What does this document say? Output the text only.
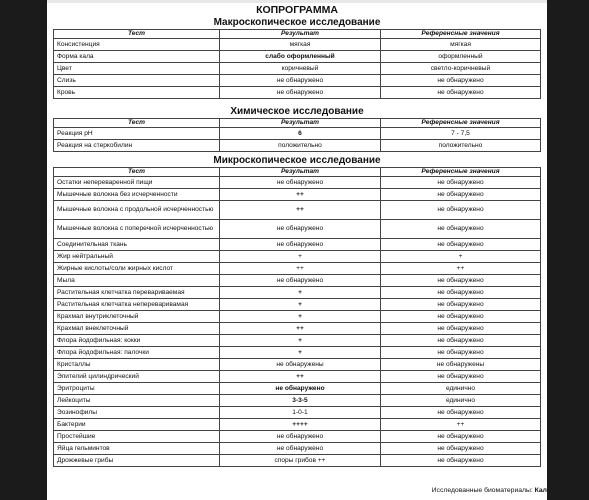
КОПРОГРАММА
Макроскопическое исследование
Тест	Результат	Референсные значения
Консистенция	мягкая	мягкая
Форма кала	слабо оформленный	оформленный
Цвет	коричневый	светло-коричневый
Слизь	не обнаружено	не обнаружено
Кровь	не обнаружено	не обнаружено
Химическое исследование
Тест	Результат	Референсные значения
Реакция pH	6	7 - 7,5
Реакция на стеркобилин	положительно	положительно
Микроскопическое исследование
Тест	Результат	Референсные значения
Остатки непереваренной пищи	не обнаружено	не обнаружено
Мышечные волокна без исчерченности	++	не обнаружено
Мышечные волокна с продольной исчерченностью	++	не обнаружено
Мышечные волокна с поперечной исчерченностью	не обнаружено	не обнаружено
Соединительная ткань	не обнаружено	не обнаружено
Жир нейтральный	+	+
Жирные кислоты/соли жирных кислот	++	++
Мыла	не обнаружено	не обнаружено
Растительная клетчатка перевариваемая	+	не обнаружено
Растительная клетчатка непереваривамая	+	не обнаружено
Крахмал внутриклеточный	+	не обнаружено
Крахмал внеклеточный	++	не обнаружено
Флора йодофильная: кокки	+	не обнаружено
Флора йодофильная: палочки	+	не обнаружено
Кристаллы	не обнаружены	не обнаружены
Эпителий цилиндрический	++	не обнаружено
Эритроциты	не обнаружено	единично
Лейкоциты	3-3-5	единично
Эозинофилы	1-0-1	не обнаружено
Бактерии	++++	++
Простейшие	не обнаружено	не обнаружено
Яйца гельминтов	не обнаружено	не обнаружено
Дрожжевые грибы	споры грибов ++	не обнаружено
Исследованные биоматериалы: Кал
